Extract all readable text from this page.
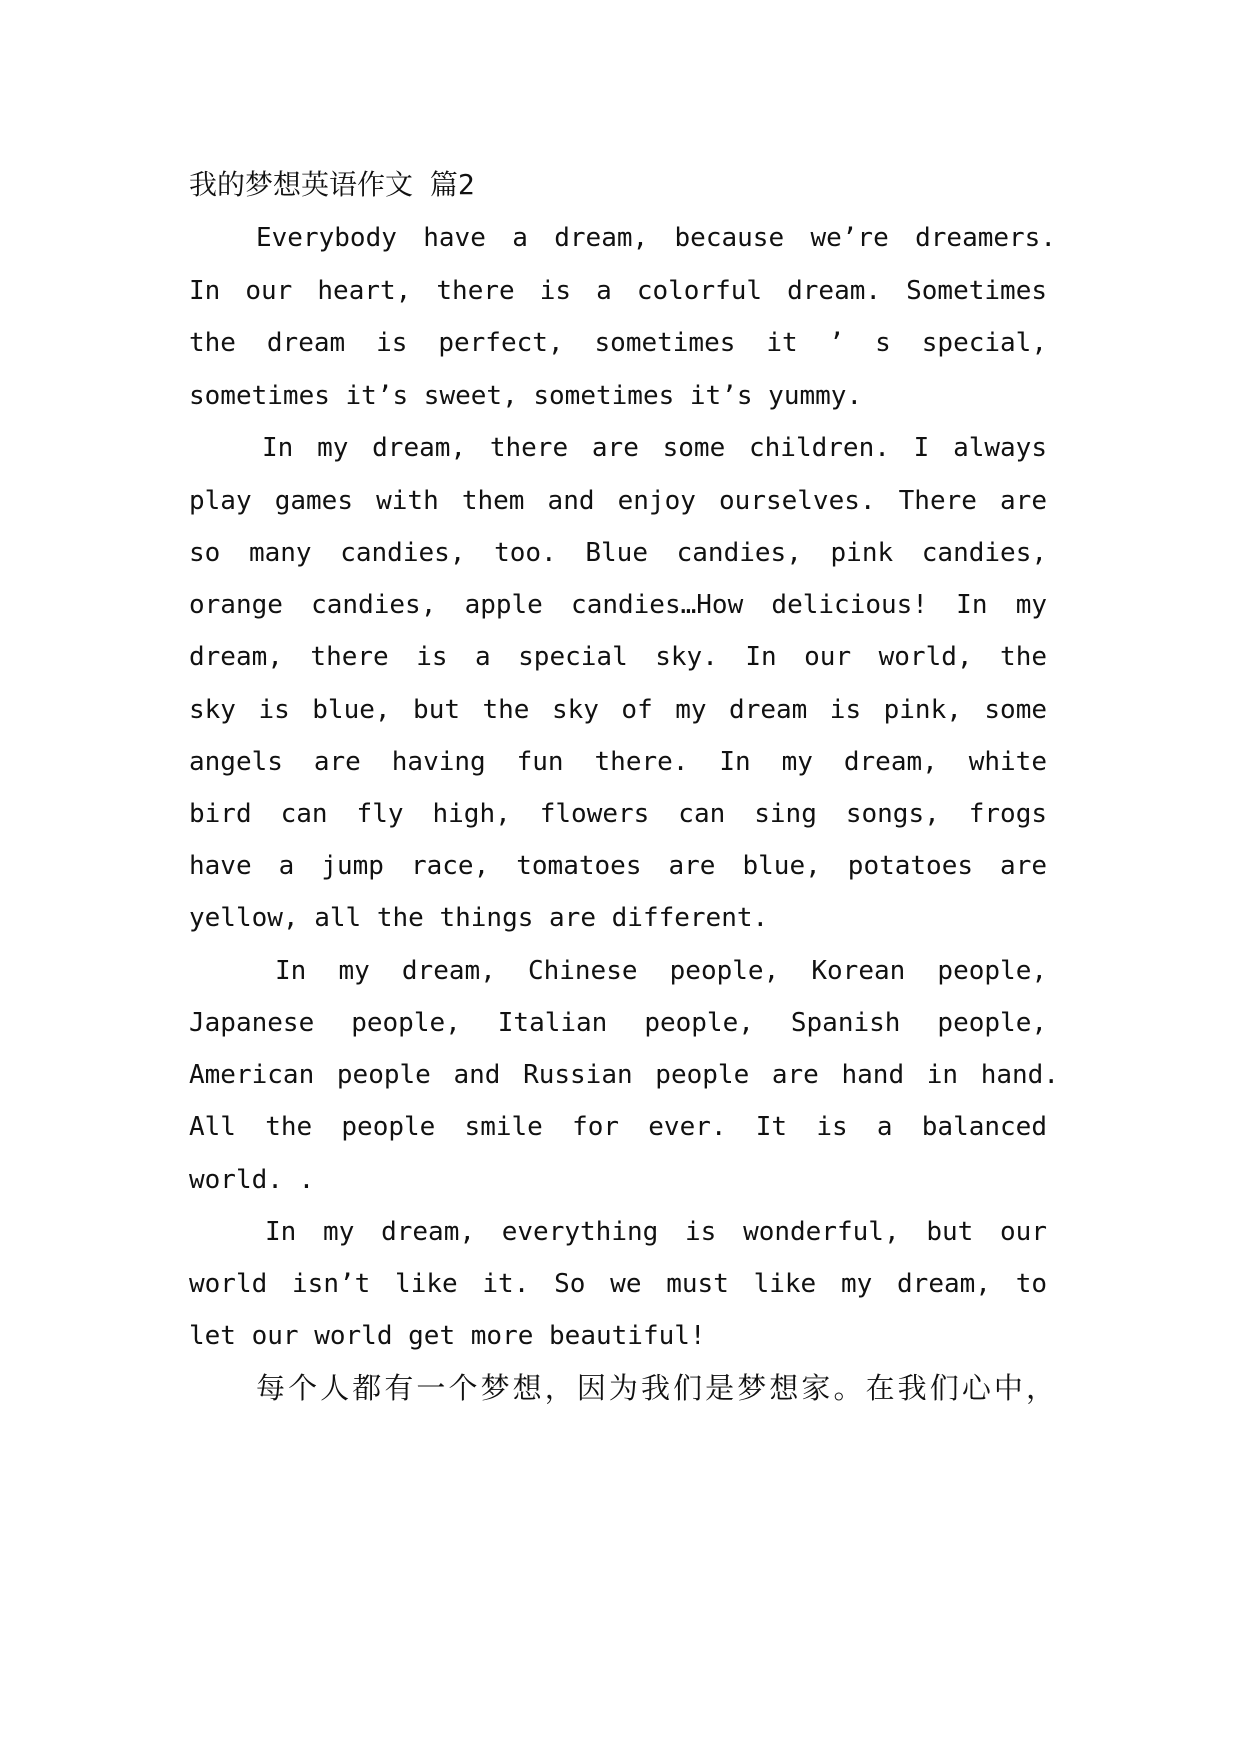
我的梦想英语作文 篇2
Everybody have a dream, because we’re dreamers.
In our heart, there is a colorful dream. Sometimes
the dream is perfect, sometimes it ’ s special,
sometimes it’s sweet, sometimes it’s yummy.
In my dream, there are some children. I always
play games with them and enjoy ourselves. There are
so many candies, too. Blue candies, pink candies,
orange candies, apple candies…How delicious! In my
dream, there is a special sky. In our world, the
sky is blue, but the sky of my dream is pink, some
angels are having fun there. In my dream, white
bird can fly high, flowers can sing songs, frogs
have a jump race, tomatoes are blue, potatoes are
yellow, all the things are different.
In my dream, Chinese people, Korean people,
Japanese people, Italian people, Spanish people,
American people and Russian people are hand in hand.
All the people smile for ever. It is a balanced
world. .
In my dream, everything is wonderful, but our
world isn’t like it. So we must like my dream, to
let our world get more beautiful!
每个人都有一个梦想，因为我们是梦想家。在我们心中，
